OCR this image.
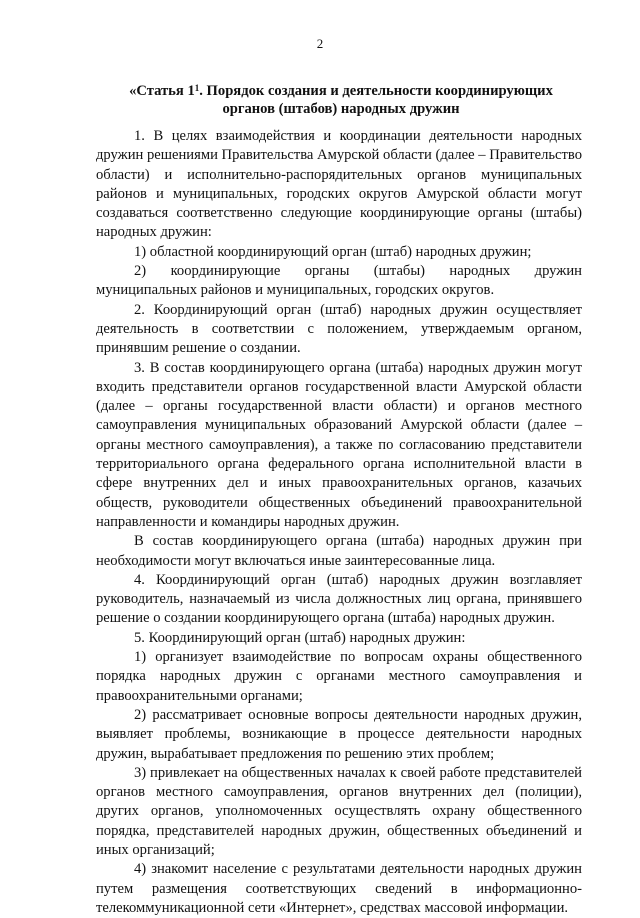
2
«Статья $1^1$. Порядок создания и деятельности координирующих
органов (штабов) народных дружин

1. В целях взаимодействия и координации деятельности народных дружин решениями Правительства Амурской области (далее – Правительство области) и исполнительно-распорядительных органов муниципальных районов и муниципальных, городских округов Амурской области могут создаваться соответственно следующие координирующие органы (штабы) народных дружин:

1) областной координирующий орган (штаб) народных дружин;

2) координирующие органы (штабы) народных дружин муниципальных районов и муниципальных, городских округов.

2. Координирующий орган (штаб) народных дружин осуществляет деятельность в соответствии с положением, утверждаемым органом, принявшим решение о создании.

3. В состав координирующего органа (штаба) народных дружин могут входить представители органов государственной власти Амурской области (далее – органы государственной власти области) и органов местного самоуправления муниципальных образований Амурской области (далее – органы местного самоуправления), а также по согласованию представители территориального органа федерального органа исполнительной власти в сфере внутренних дел и иных правоохранительных органов, казачьих обществ, руководители общественных объединений правоохранительной направленности и командиры народных дружин.

В состав координирующего органа (штаба) народных дружин при необходимости могут включаться иные заинтересованные лица.

4. Координирующий орган (штаб) народных дружин возглавляет руководитель, назначаемый из числа должностных лиц органа, принявшего решение о создании координирующего органа (штаба) народных дружин.

5. Координирующий орган (штаб) народных дружин:

1) организует взаимодействие по вопросам охраны общественного порядка народных дружин с органами местного самоуправления и правоохранительными органами;

2) рассматривает основные вопросы деятельности народных дружин, выявляет проблемы, возникающие в процессе деятельности народных дружин, вырабатывает предложения по решению этих проблем;

3) привлекает на общественных началах к своей работе представителей органов местного самоуправления, органов внутренних дел (полиции), других органов, уполномоченных осуществлять охрану общественного порядка, представителей народных дружин, общественных объединений и иных организаций;

4) знакомит население с результатами деятельности народных дружин путем размещения соответствующих сведений в информационно-телекоммуникационной сети «Интернет», средствах массовой информации.
